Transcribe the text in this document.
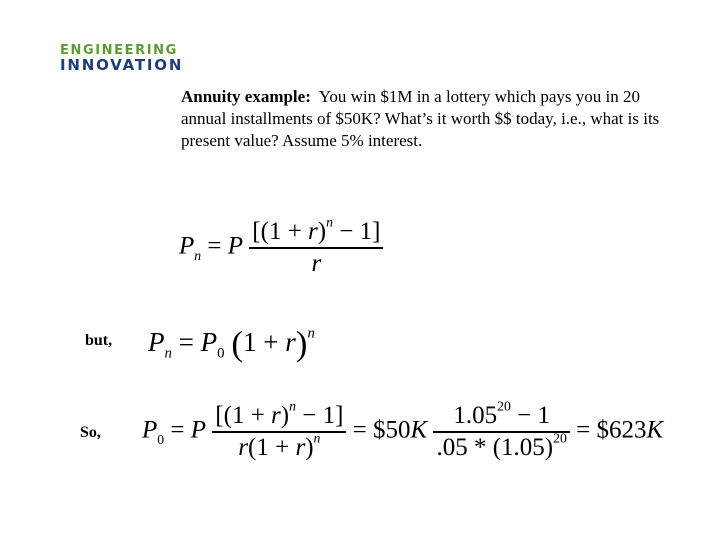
ENGINEERING
INNOVATION
Annuity example: You win $1M in a lottery which pays you in 20 annual installments of $50K? What’s it worth $$ today, i.e., what is its present value? Assume 5% interest.
$P_n = P \frac{[(1 + r)^n - 1]}{r}$
but, $P_n = P_0$ $(1 + r)^n$
So, $P_0 = P \frac{[(1 + r)^n - 1]}{r(1 + r)^n}$ = $50K $\frac{1.05^{20} - 1}{.05 * (1.05)^{20}}$ = $623K
